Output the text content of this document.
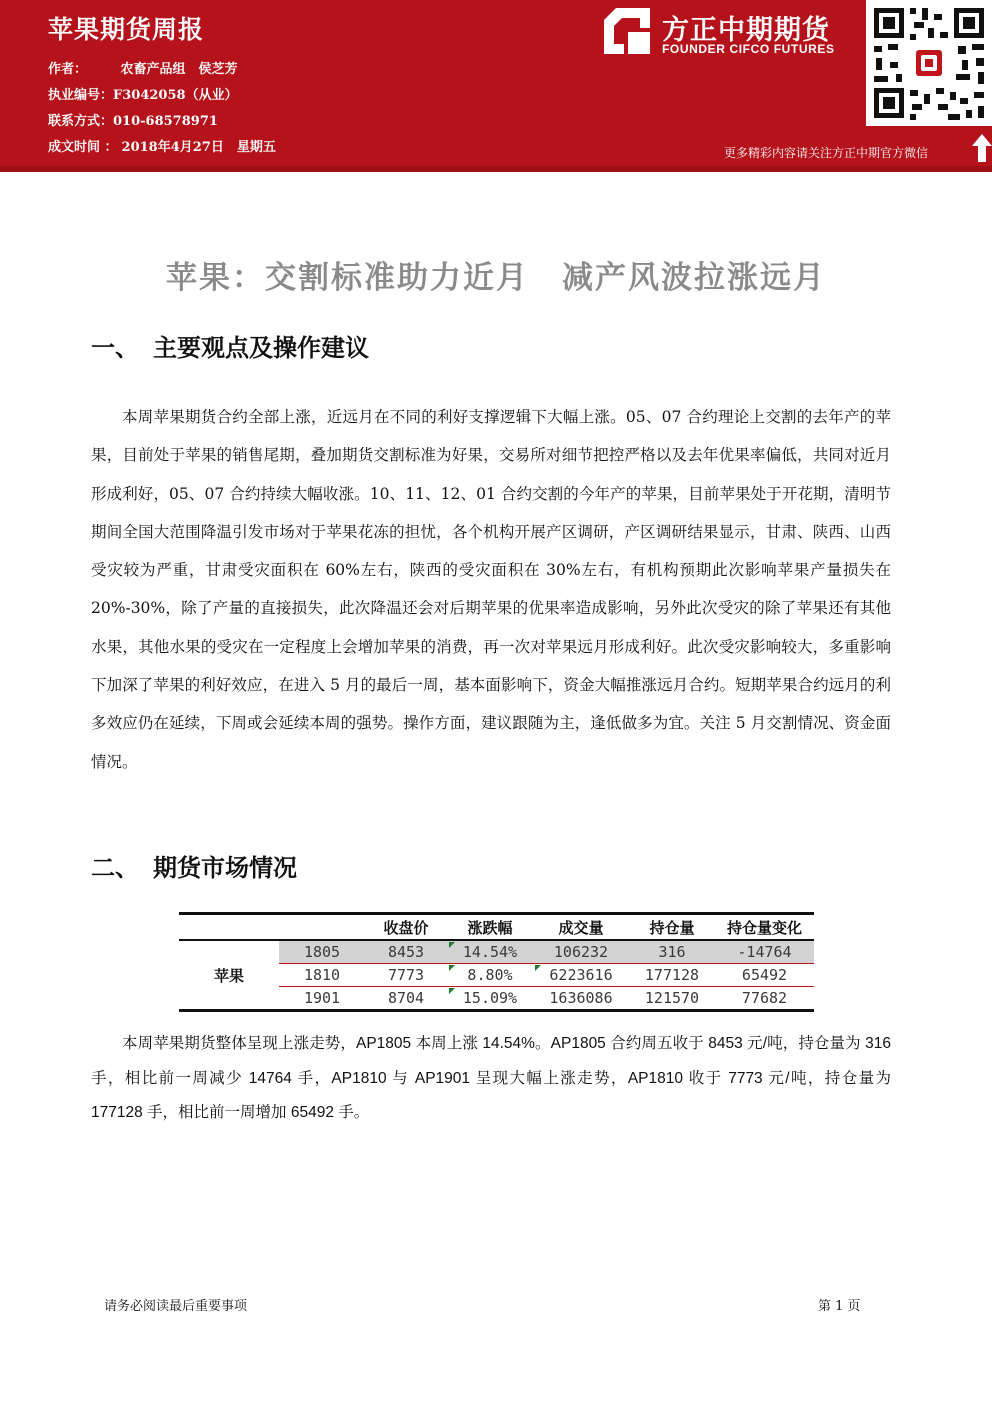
苹果期货周报
作者：	农畜产品组　侯芝芳
执业编号：F3042058（从业）
联系方式：010-68578971
成文时间 ： 2018年4月27日　星期五
方正中期期货
FOUNDER CIFCO FUTURES
更多精彩内容请关注方正中期官方微信
苹果：交割标准助力近月　减产风波拉涨远月
一、 主要观点及操作建议
本周苹果期货合约全部上涨，近远月在不同的利好支撑逻辑下大幅上涨。05、07 合约理论上交割的去年产的苹果，目前处于苹果的销售尾期，叠加期货交割标准为好果，交易所对细节把控严格以及去年优果率偏低，共同对近月形成利好，05、07 合约持续大幅收涨。10、11、12、01 合约交割的今年产的苹果，目前苹果处于开花期，清明节期间全国大范围降温引发市场对于苹果花冻的担忧，各个机构开展产区调研，产区调研结果显示，甘肃、陕西、山西受灾较为严重，甘肃受灾面积在 60%左右，陕西的受灾面积在 30%左右，有机构预期此次影响苹果产量损失在 20%-30%，除了产量的直接损失，此次降温还会对后期苹果的优果率造成影响，另外此次受灾的除了苹果还有其他水果，其他水果的受灾在一定程度上会增加苹果的消费，再一次对苹果远月形成利好。此次受灾影响较大，多重影响下加深了苹果的利好效应，在进入 5 月的最后一周，基本面影响下，资金大幅推涨远月合约。短期苹果合约远月的利多效应仍在延续，下周或会延续本周的强势。操作方面，建议跟随为主，逢低做多为宜。关注 5 月交割情况、资金面情况。
二、 期货市场情况
		收盘价	涨跌幅	成交量	持仓量	持仓量变化
苹果	1805	8453	14.54%	106232	316	-14764
	1810	7773	8.80%	6223616	177128	65492
	1901	8704	15.09%	1636086	121570	77682
本周苹果期货整体呈现上涨走势，AP1805 本周上涨 14.54%。AP1805 合约周五收于 8453 元/吨，持仓量为 316 手，相比前一周减少 14764 手，AP1810 与 AP1901 呈现大幅上涨走势，AP1810 收于 7773 元/吨，持仓量为 177128 手，相比前一周增加 65492 手。
请务必阅读最后重要事项	第 1 页
